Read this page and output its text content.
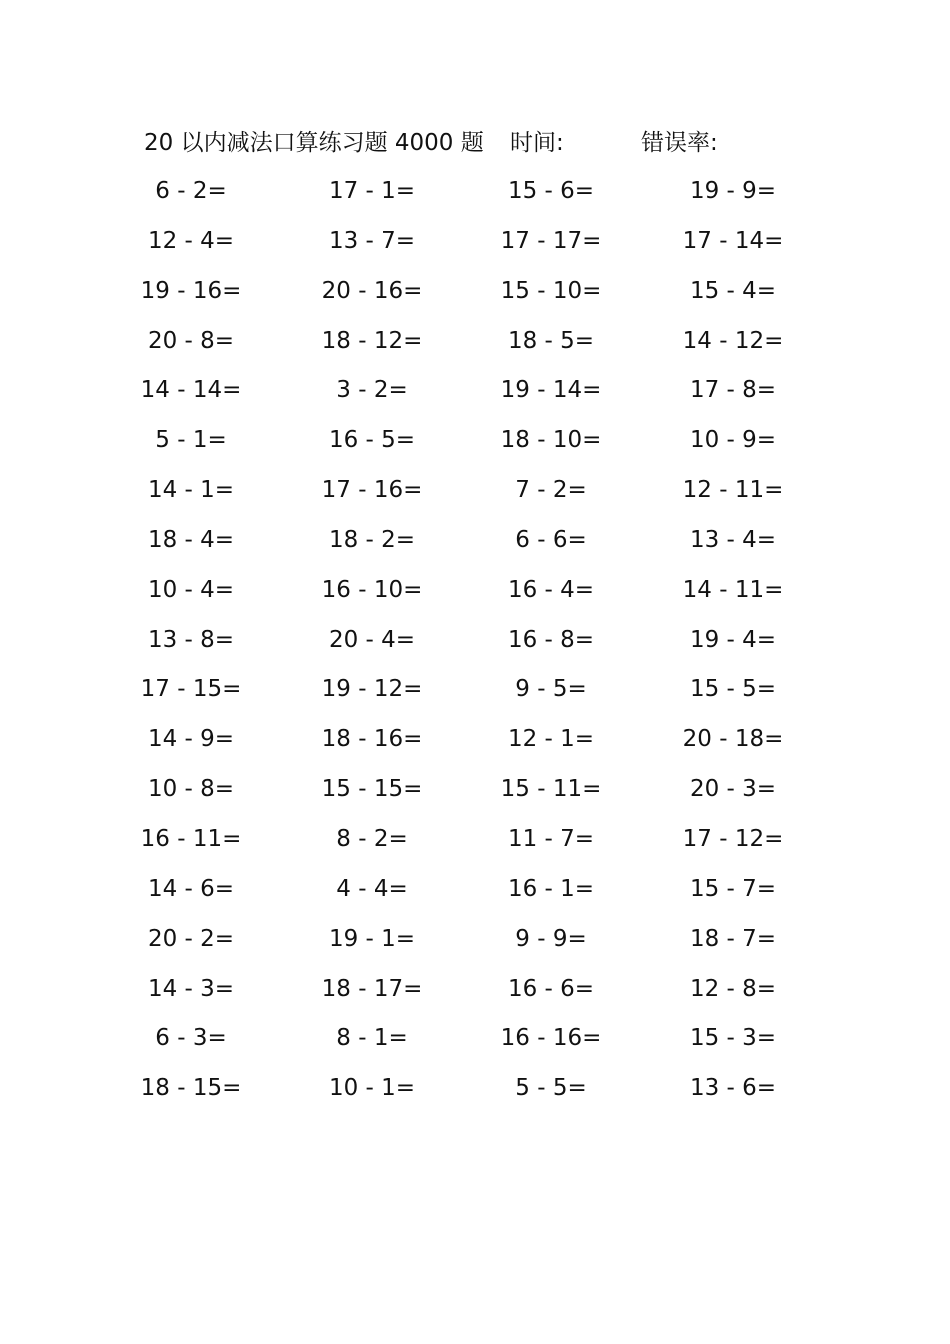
20 以内减法口算练习题 4000 题 时间:	错误率:
6 - 2=	17 - 1=	15 - 6=	19 - 9=
12 - 4=	13 - 7=	17 - 17=	17 - 14=
19 - 16=	20 - 16=	15 - 10=	15 - 4=
20 - 8=	18 - 12=	18 - 5=	14 - 12=
14 - 14=	3 - 2=	19 - 14=	17 - 8=
5 - 1=	16 - 5=	18 - 10=	10 - 9=
14 - 1=	17 - 16=	7 - 2=	12 - 11=
18 - 4=	18 - 2=	6 - 6=	13 - 4=
10 - 4=	16 - 10=	16 - 4=	14 - 11=
13 - 8=	20 - 4=	16 - 8=	19 - 4=
17 - 15=	19 - 12=	9 - 5=	15 - 5=
14 - 9=	18 - 16=	12 - 1=	20 - 18=
10 - 8=	15 - 15=	15 - 11=	20 - 3=
16 - 11=	8 - 2=	11 - 7=	17 - 12=
14 - 6=	4 - 4=	16 - 1=	15 - 7=
20 - 2=	19 - 1=	9 - 9=	18 - 7=
14 - 3=	18 - 17=	16 - 6=	12 - 8=
6 - 3=	8 - 1=	16 - 16=	15 - 3=
18 - 15=	10 - 1=	5 - 5=	13 - 6=
